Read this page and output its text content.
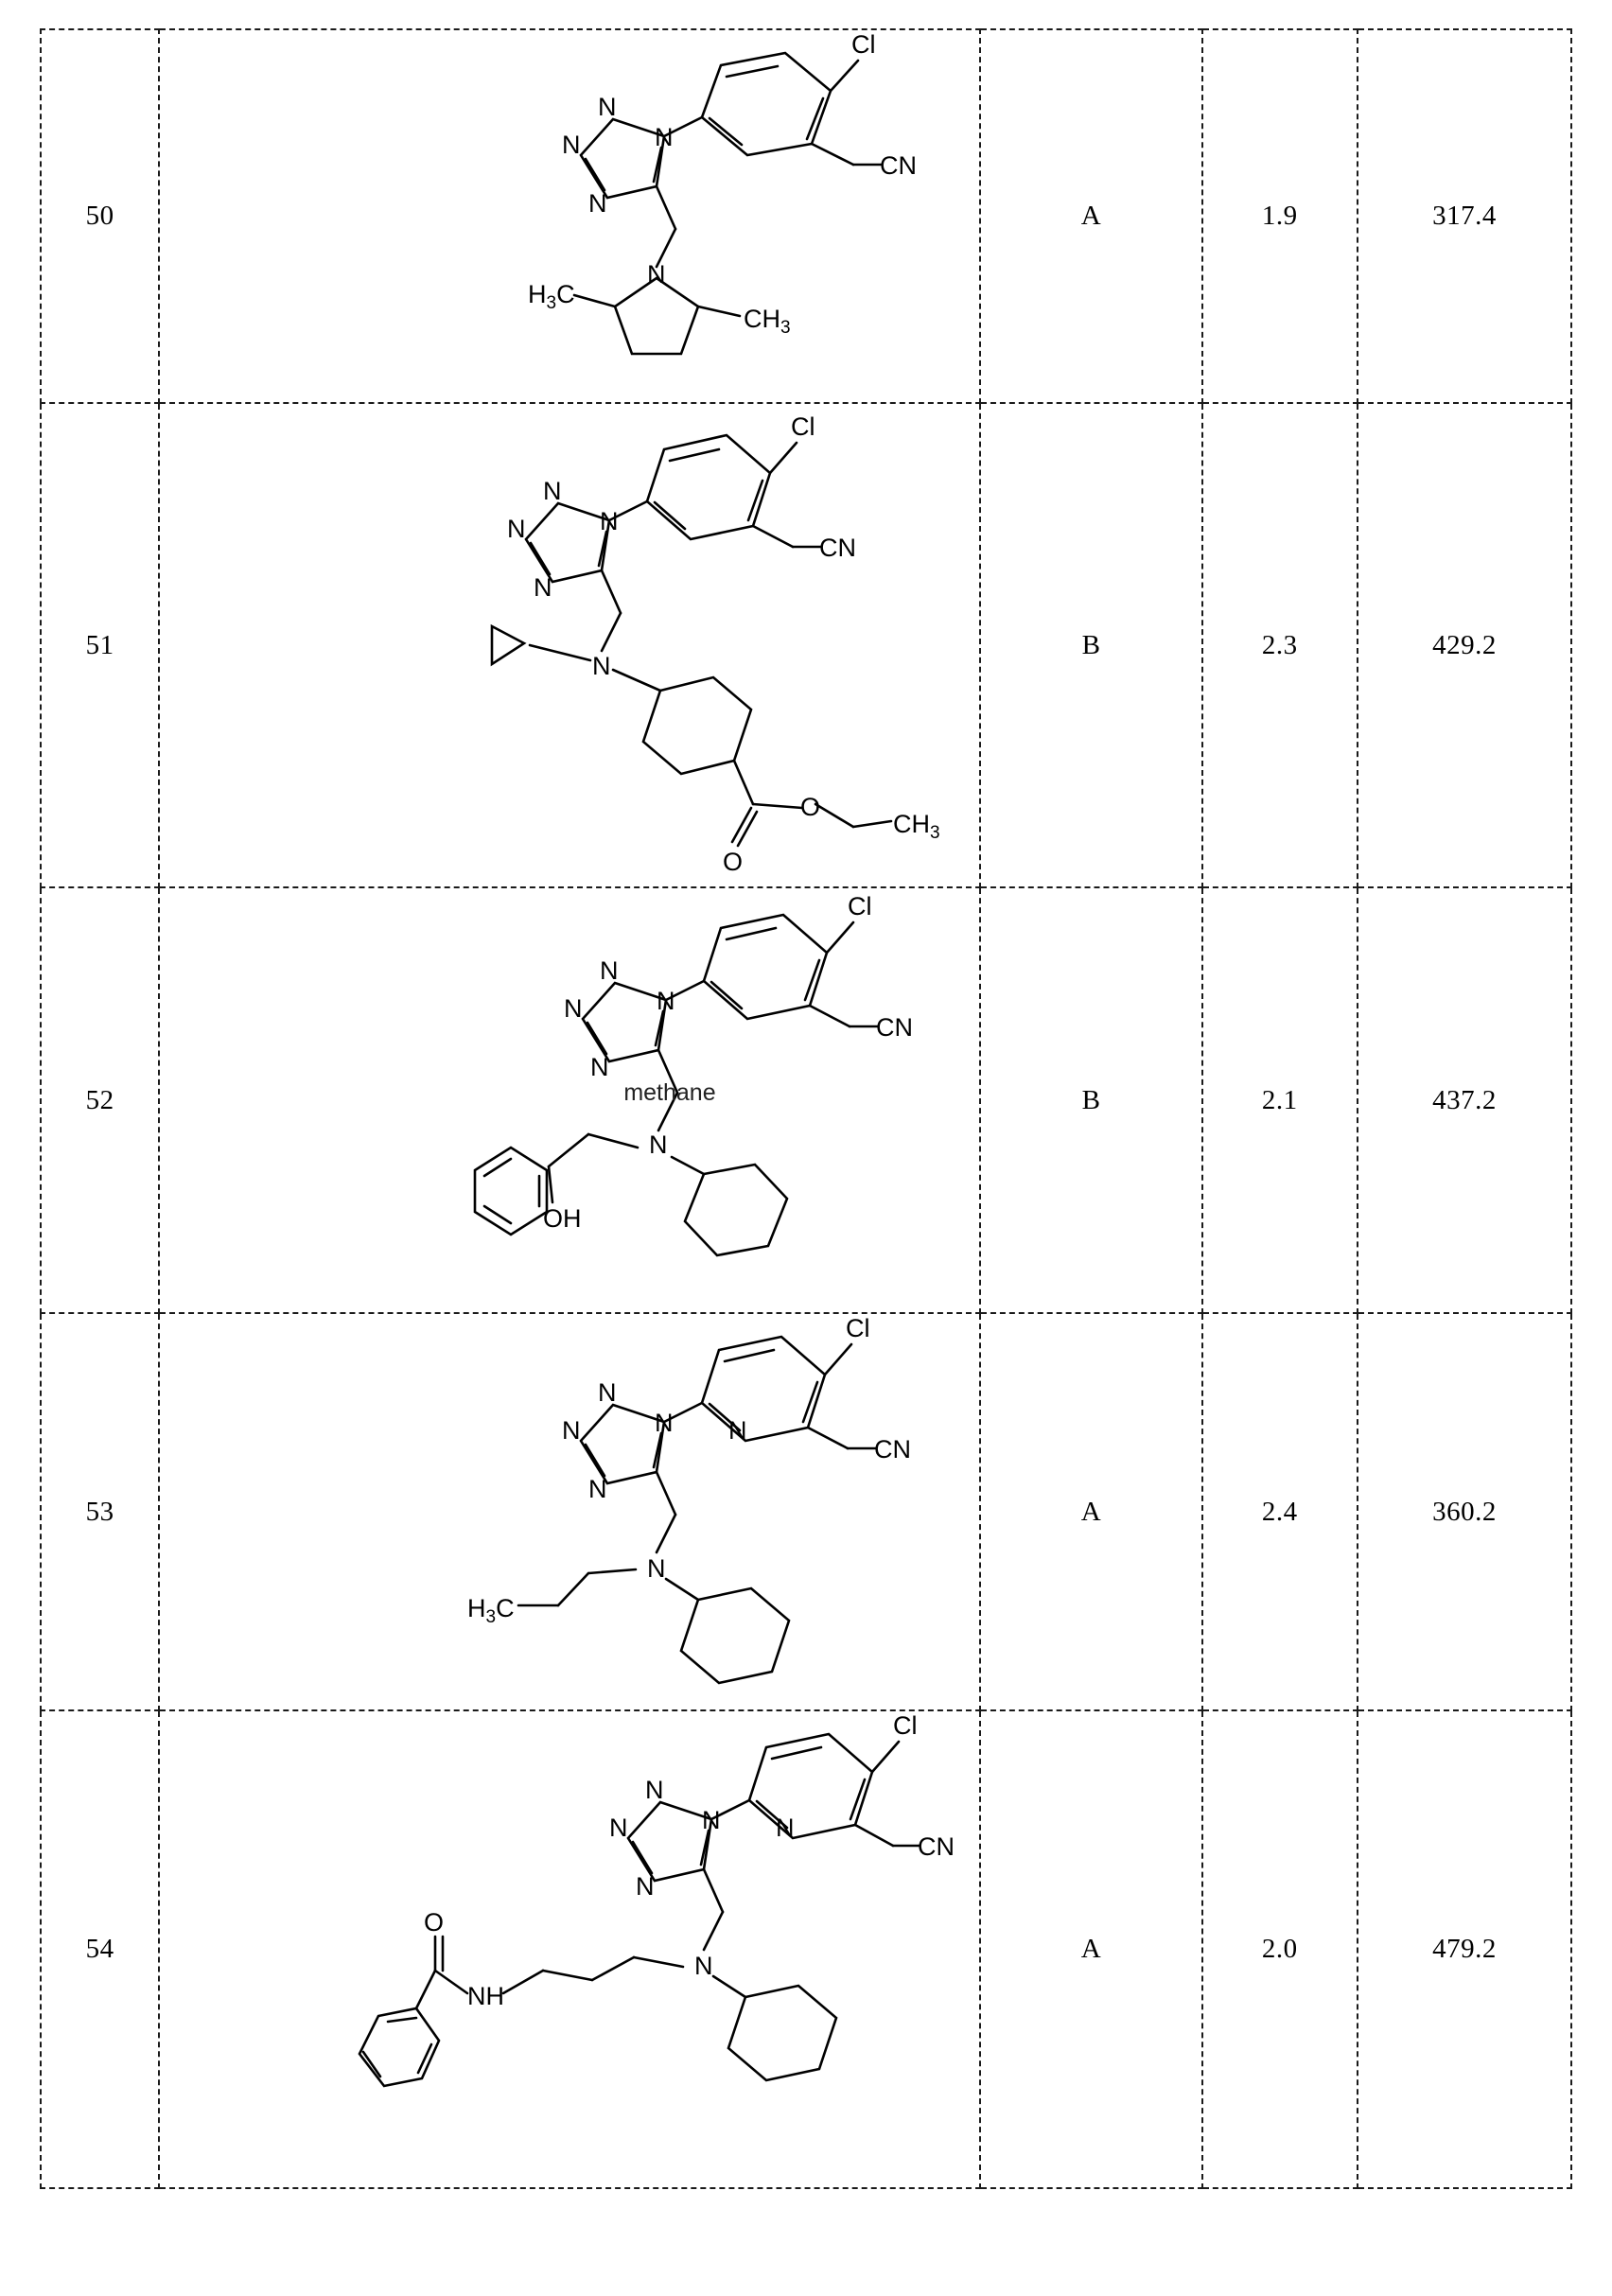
50	
Cl
CN
N
N
N
N
N
$H_3C$
$CH_3$
	A	1.9	317.4
51	
Cl
CN
N
N
N
N
N
O
O
$CH_3$
	B	2.3	429.2
52	
Cl
CN
N
N
N
N
N
OH
methane	B	2.1	437.2
53	
Cl
CN
N
N
N
N
N
N
$H_3C$
	A	2.4	360.2
54	
Cl
CN
N
N
N
N
N
N
O
NH
	A	2.0	479.2
